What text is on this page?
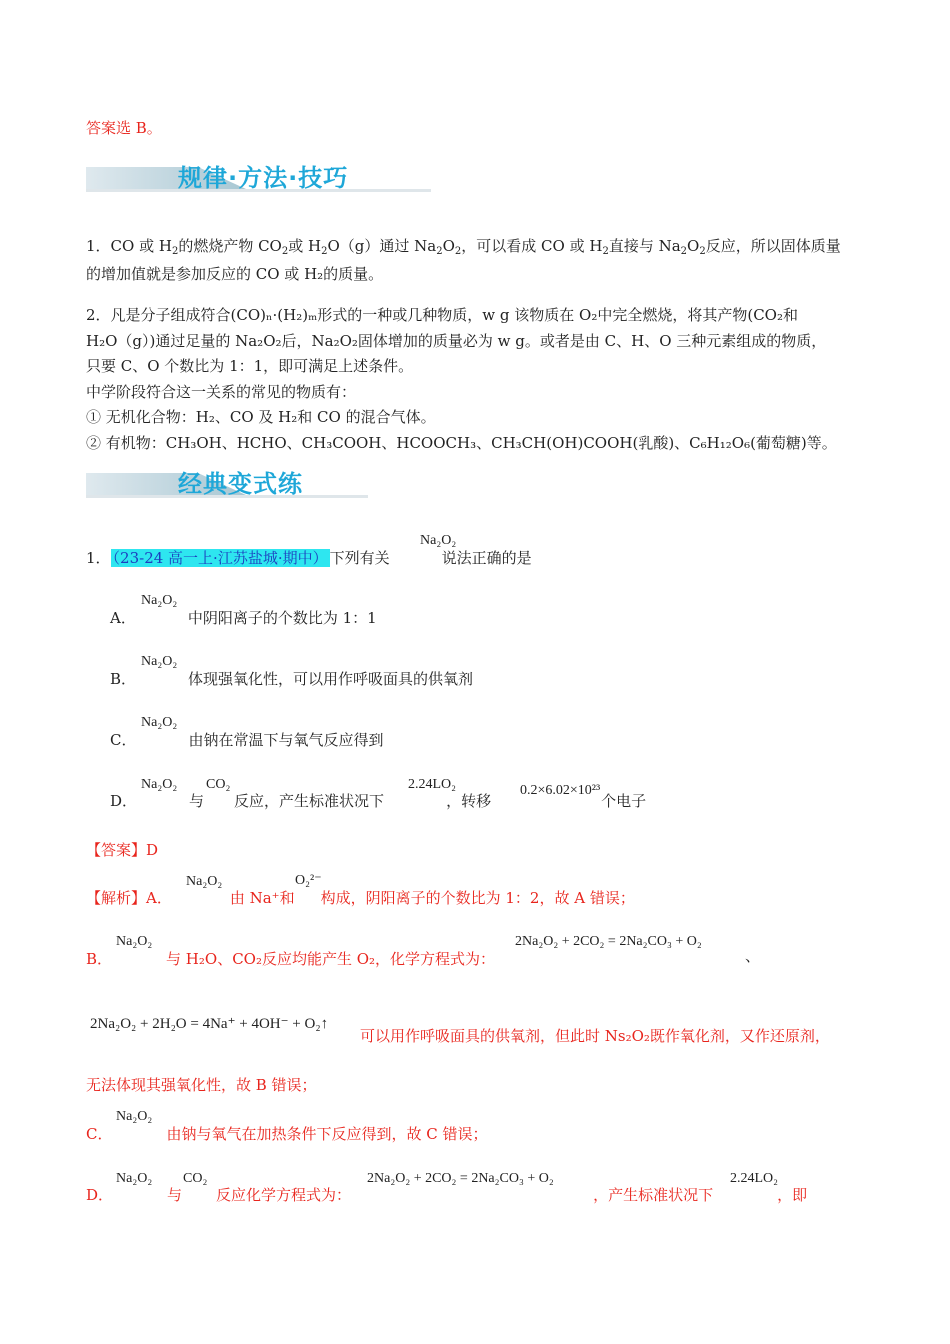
答案选 B。
规律·方法·技巧
1．CO 或 $H_2$的燃烧产物 $CO_2$或 $H_2O(g)$通过 $Na_2O_2$，可以看成 CO 或 $H_2$直接与 $Na_2O_2$反应，所以固体质量
的增加值就是参加反应的 CO 或 H₂的质量。
2．凡是分子组成符合(CO)ₙ·(H₂)ₘ形式的一种或几种物质，w g 该物质在 O₂中完全燃烧，将其产物(CO₂和
H₂O（g）)通过足量的 Na₂O₂后，Na₂O₂固体增加的质量必为 w g。或者是由 C、H、O 三种元素组成的物质，
只要 C、O 个数比为 1：1，即可满足上述条件。
中学阶段符合这一关系的常见的物质有：
① 无机化合物：H₂、CO 及 H₂和 CO 的混合气体。
② 有机物：CH₃OH、HCHO、CH₃COOH、HCOOCH₃、CH₃CH(OH)COOH(乳酸)、C₆H₁₂O₆(葡萄糖)等。
经典变式练
1． （23-24 高一上·江苏盐城·期中） 下列有关	说法正确的是
Na₂O₂
A．	中阴阳离子的个数比为 1：1
Na₂O₂
B．	体现强氧化性，可以用作呼吸面具的供氧剂
Na₂O₂
C．	由钠在常温下与氧气反应得到
Na₂O₂
D．	与 反应，产生标准状况下	，转移	个电子
Na₂O₂ CO₂	2.24LO₂	0.2×6.02×10²³
【答案】D
【解析】A．	由 Na⁺和 构成，阴阳离子的个数比为 1：2，故 A 错误；
Na₂O₂	O₂²⁻
B．	与 H₂O、CO₂反应均能产生 O₂，化学方程式为：
Na₂O₂	2Na₂O₂ + 2CO₂ = 2Na₂CO₃ + O₂
、
2Na₂O₂ + 2H₂O = 4Na⁺ + 4OH⁻ + O₂↑
可以用作呼吸面具的供氧剂，但此时 Ns₂O₂既作氧化剂，又作还原剂，
无法体现其强氧化性，故 B 错误；
C．	由钠与氧气在加热条件下反应得到，故 C 错误；
Na₂O₂
D．	与 反应化学方程式为：	，产生标准状况下	，即
Na₂O₂ CO₂	2Na₂O₂ + 2CO₂ = 2Na₂CO₃ + O₂	2.24LO₂
